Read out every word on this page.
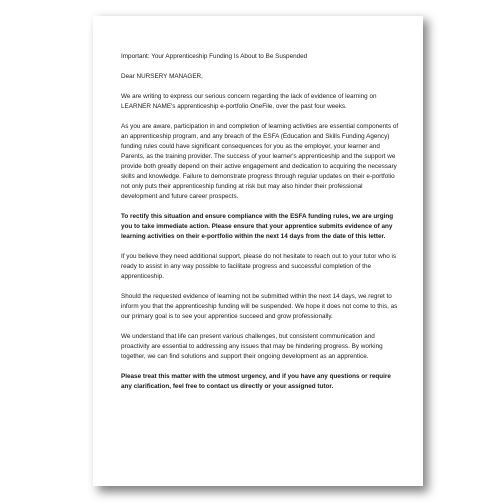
Important: Your Apprenticeship Funding Is About to Be Suspended

Dear NURSERY MANAGER,

We are writing to express our serious concern regarding the lack of evidence of learning on LEARNER NAME's apprenticeship e-portfolio OneFile, over the past four weeks.

As you are aware, participation in and completion of learning activities are essential components of an apprenticeship program, and any breach of the ESFA (Education and Skills Funding Agency) funding rules could have significant consequences for you as the employer, your learner and Parents, as the training provider. The success of your learner's apprenticeship and the support we provide both greatly depend on their active engagement and dedication to acquiring the necessary skills and knowledge. Failure to demonstrate progress through regular updates on their e-portfolio not only puts their apprenticeship funding at risk but may also hinder their professional development and future career prospects.

To rectify this situation and ensure compliance with the ESFA funding rules, we are urging you to take immediate action. Please ensure that your apprentice submits evidence of any learning activities on their e-portfolio within the next 14 days from the date of this letter.

If you believe they need additional support, please do not hesitate to reach out to your tutor who is ready to assist in any way possible to facilitate progress and successful completion of the apprenticeship.

Should the requested evidence of learning not be submitted within the next 14 days, we regret to inform you that the apprenticeship funding will be suspended. We hope it does not come to this, as our primary goal is to see your apprentice succeed and grow professionally.

We understand that life can present various challenges, but consistent communication and proactivity are essential to addressing any issues that may be hindering progress. By working together, we can find solutions and support their ongoing development as an apprentice.

Please treat this matter with the utmost urgency, and if you have any questions or require any clarification, feel free to contact us directly or your assigned tutor.
